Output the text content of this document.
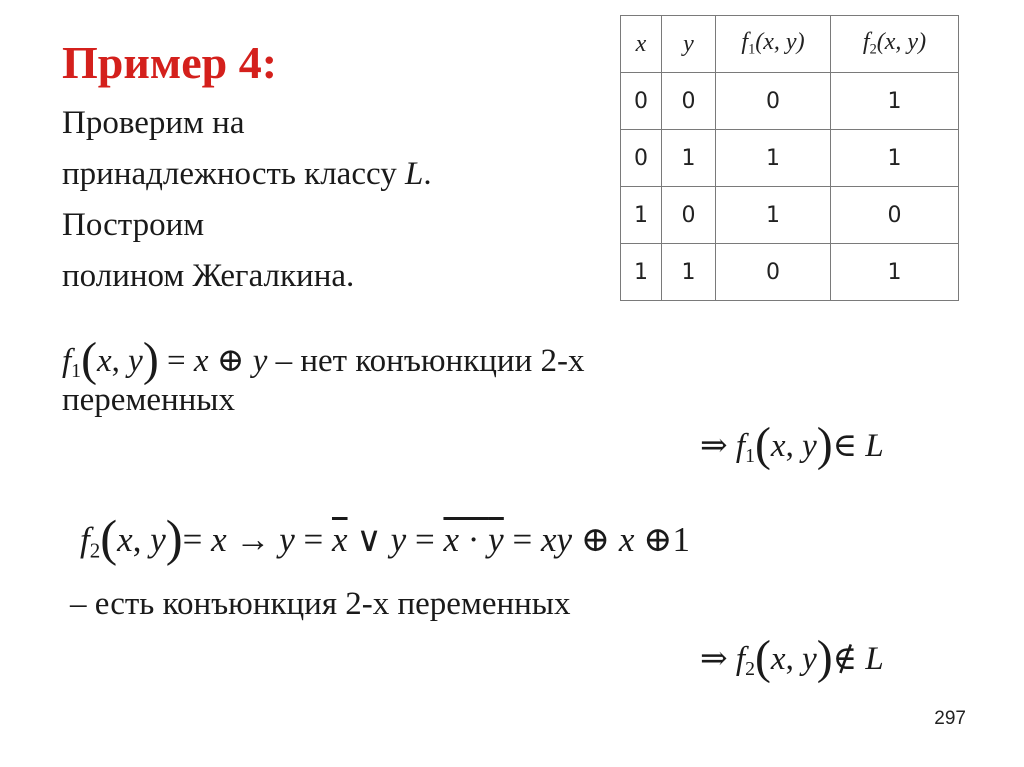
Пример 4:
Проверим на
принадлежность классу L.
Построим
полином Жегалкина.
x	y	$f_1(x$, y)	$f_2(x$, y)
0	0	0	1
0	1	1	1
1	0	1	0
1	1	0	1
$f_1(x$, y) = x ⊕ y – нет конъюнкции 2-х
переменных
⇒ $f_1(x$, y)∈ L
$f_2(x$, $y)= x \to y = \overline{x}$ ∨ y = x · y = xy ⊕ x ⊕1
– есть конъюнкция 2-х переменных
⇒ $f_2(x$, y)∉ L
297
